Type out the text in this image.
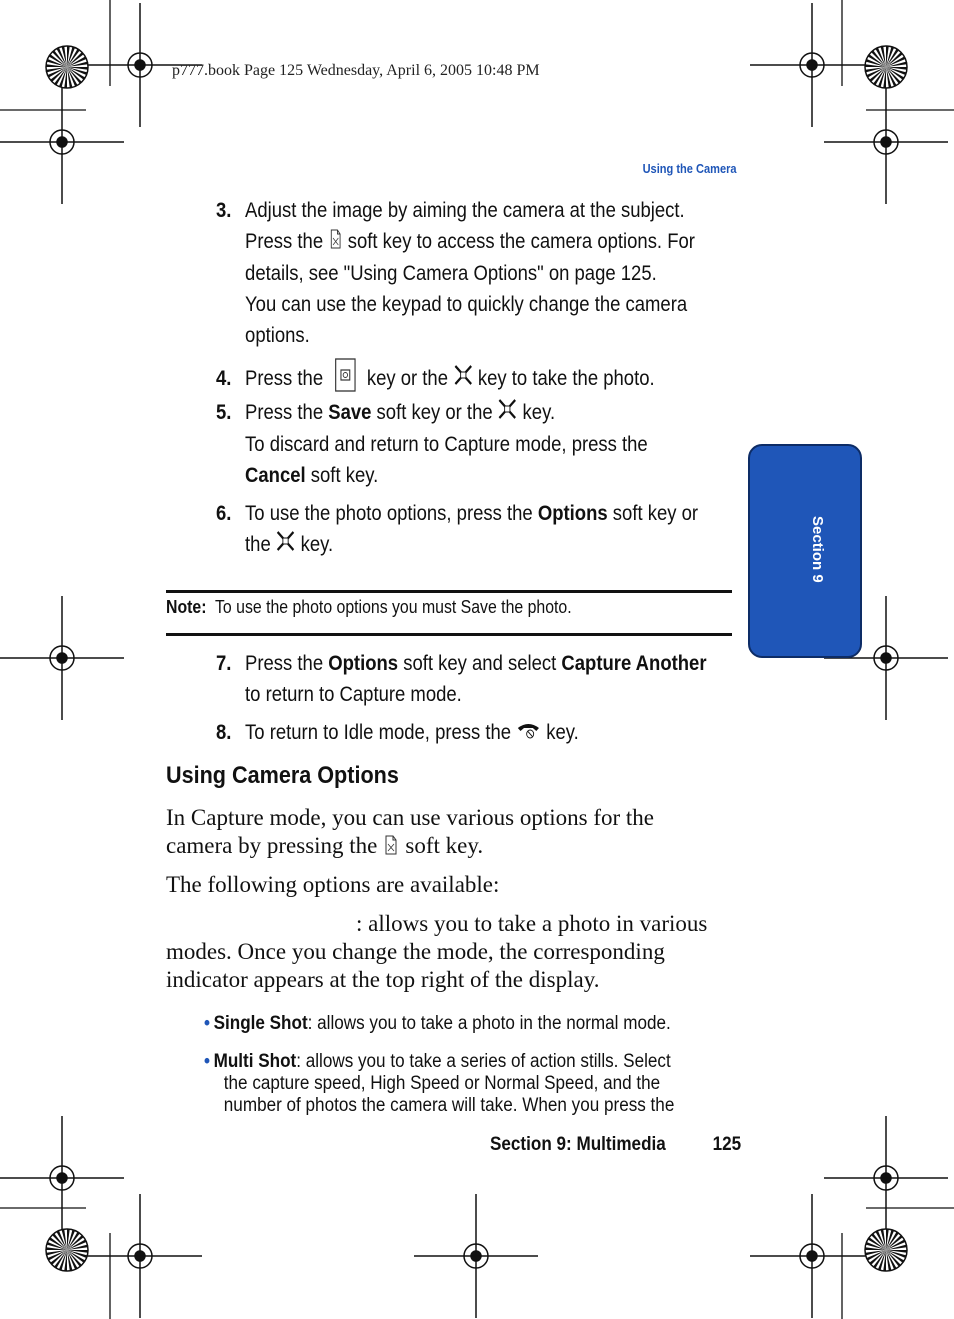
p777.book Page 125 Wednesday, April 6, 2005 10:48 PM
Using the Camera
Section 9
3. Adjust the image by aiming the camera at the subject.
Press the soft key to access the camera options. For
details, see "Using Camera Options" on page 125.
You can use the keypad to quickly change the camera
options.
4. Press the key or the key to take the photo.
5. Press the Save soft key or the key.
To discard and return to Capture mode, press the
Cancel soft key.
6. To use the photo options, press the Options soft key or
the key.
Note: To use the photo options you must Save the photo.
7. Press the Options soft key and select Capture Another
to return to Capture mode.
8. To return to Idle mode, press the key.
Using Camera Options
In Capture mode, you can use various options for the
camera by pressing the soft key.
The following options are available:
: allows you to take a photo in various
modes. Once you change the mode, the corresponding
indicator appears at the top right of the display.
• Single Shot: allows you to take a photo in the normal mode.
• Multi Shot: allows you to take a series of action stills. Select
the capture speed, High Speed or Normal Speed, and the
number of photos the camera will take. When you press the
Section 9: Multimedia 125
